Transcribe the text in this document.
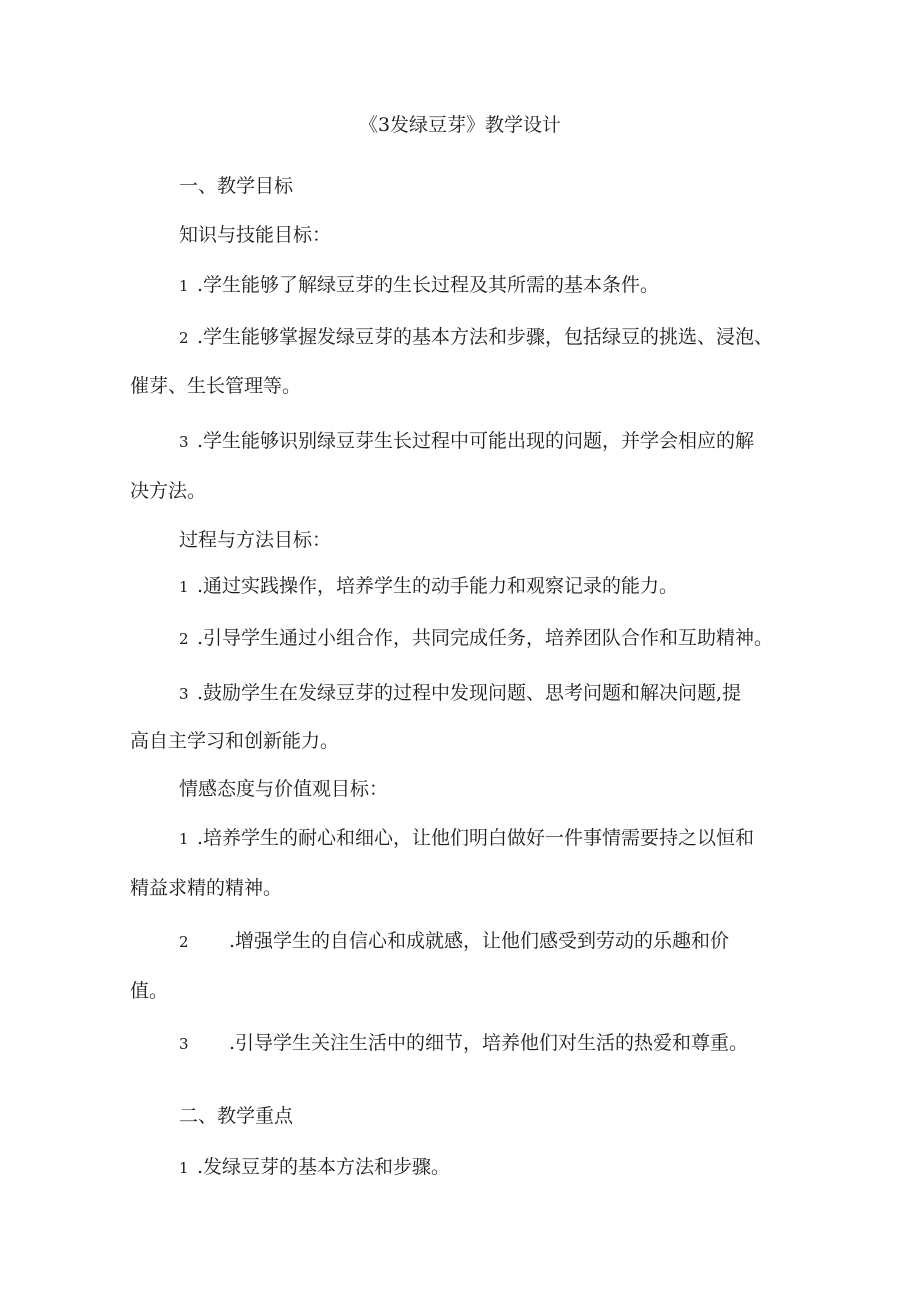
《3发绿豆芽》教学设计
一、教学目标
知识与技能目标：
1 .学生能够了解绿豆芽的生长过程及其所需的基本条件。
2 .学生能够掌握发绿豆芽的基本方法和步骤，包括绿豆的挑选、浸泡、
催芽、生长管理等。
3 .学生能够识别绿豆芽生长过程中可能出现的问题，并学会相应的解
决方法。
过程与方法目标：
1 .通过实践操作，培养学生的动手能力和观察记录的能力。
2 .引导学生通过小组合作，共同完成任务，培养团队合作和互助精神。
3 .鼓励学生在发绿豆芽的过程中发现问题、思考问题和解决问题,提
高自主学习和创新能力。
情感态度与价值观目标：
1 .培养学生的耐心和细心，让他们明白做好一件事情需要持之以恒和
精益求精的精神。
2 .增强学生的自信心和成就感，让他们感受到劳动的乐趣和价
值。
3 .引导学生关注生活中的细节，培养他们对生活的热爱和尊重。
二、教学重点
1 .发绿豆芽的基本方法和步骤。
